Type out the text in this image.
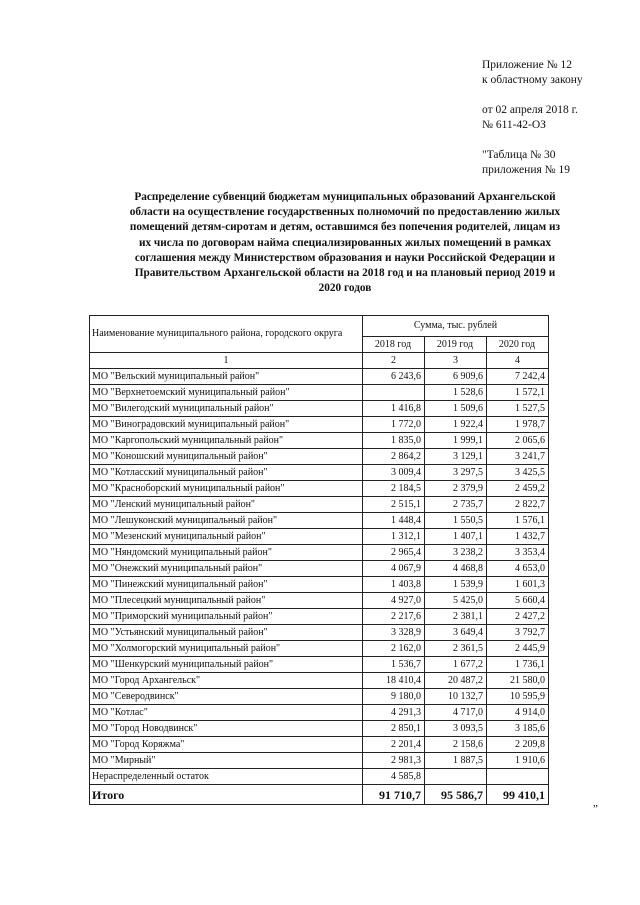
Приложение № 12
к областному закону
от 02 апреля 2018 г.
№ 611-42-ОЗ
"Таблица № 30
приложения № 19
Распределение субвенций бюджетам муниципальных образований Архангельской
области на осуществление государственных полномочий по предоставлению жилых
помещений детям-сиротам и детям, оставшимся без попечения родителей, лицам из
их числа по договорам найма специализированных жилых помещений в рамках
соглашения между Министерством образования и науки Российской Федерации и
Правительством Архангельской области на 2018 год и на плановый период 2019 и
2020 годов
Наименование муниципального района, городского округа	Сумма, тыс. рублей		
	2018 год	2019 год	2020 год
1	2	3	4
МО "Вельский муниципальный район"	6 243,6	6 909,6	7 242,4
МО "Верхнетоемский муниципальный район"		1 528,6	1 572,1
МО "Вилегодский муниципальный район"	1 416,8	1 509,6	1 527,5
МО "Виноградовский муниципальный район"	1 772,0	1 922,4	1 978,7
МО "Каргопольский муниципальный район"	1 835,0	1 999,1	2 065,6
МО "Коношский муниципальный район"	2 864,2	3 129,1	3 241,7
МО "Котласский муниципальный район"	3 009,4	3 297,5	3 425,5
МО "Красноборский муниципальный район"	2 184,5	2 379,9	2 459,2
МО "Ленский муниципальный район"	2 515,1	2 735,7	2 822,7
МО "Лешуконский муниципальный район"	1 448,4	1 550,5	1 576,1
МО "Мезенский муниципальный район"	1 312,1	1 407,1	1 432,7
МО "Няндомский муниципальный район"	2 965,4	3 238,2	3 353,4
МО "Онежский муниципальный район"	4 067,9	4 468,8	4 653,0
МО "Пинежский муниципальный район"	1 403,8	1 539,9	1 601,3
МО "Плесецкий муниципальный район"	4 927,0	5 425,0	5 660,4
МО "Приморский муниципальный район"	2 217,6	2 381,1	2 427,2
МО "Устьянский муниципальный район"	3 328,9	3 649,4	3 792,7
МО "Холмогорский муниципальный район"	2 162,0	2 361,5	2 445,9
МО "Шенкурский муниципальный район"	1 536,7	1 677,2	1 736,1
МО "Город Архангельск"	18 410,4	20 487,2	21 580,0
МО "Северодвинск"	9 180,0	10 132,7	10 595,9
МО "Котлас"	4 291,3	4 717,0	4 914,0
МО "Город Новодвинск"	2 850,1	3 093,5	3 185,6
МО "Город Коряжма"	2 201,4	2 158,6	2 209,8
МО "Мирный"	2 981,3	1 887,5	1 910,6
Нераспределенный остаток	4 585,8		
Итого	91 710,7	95 586,7	99 410,1
”
